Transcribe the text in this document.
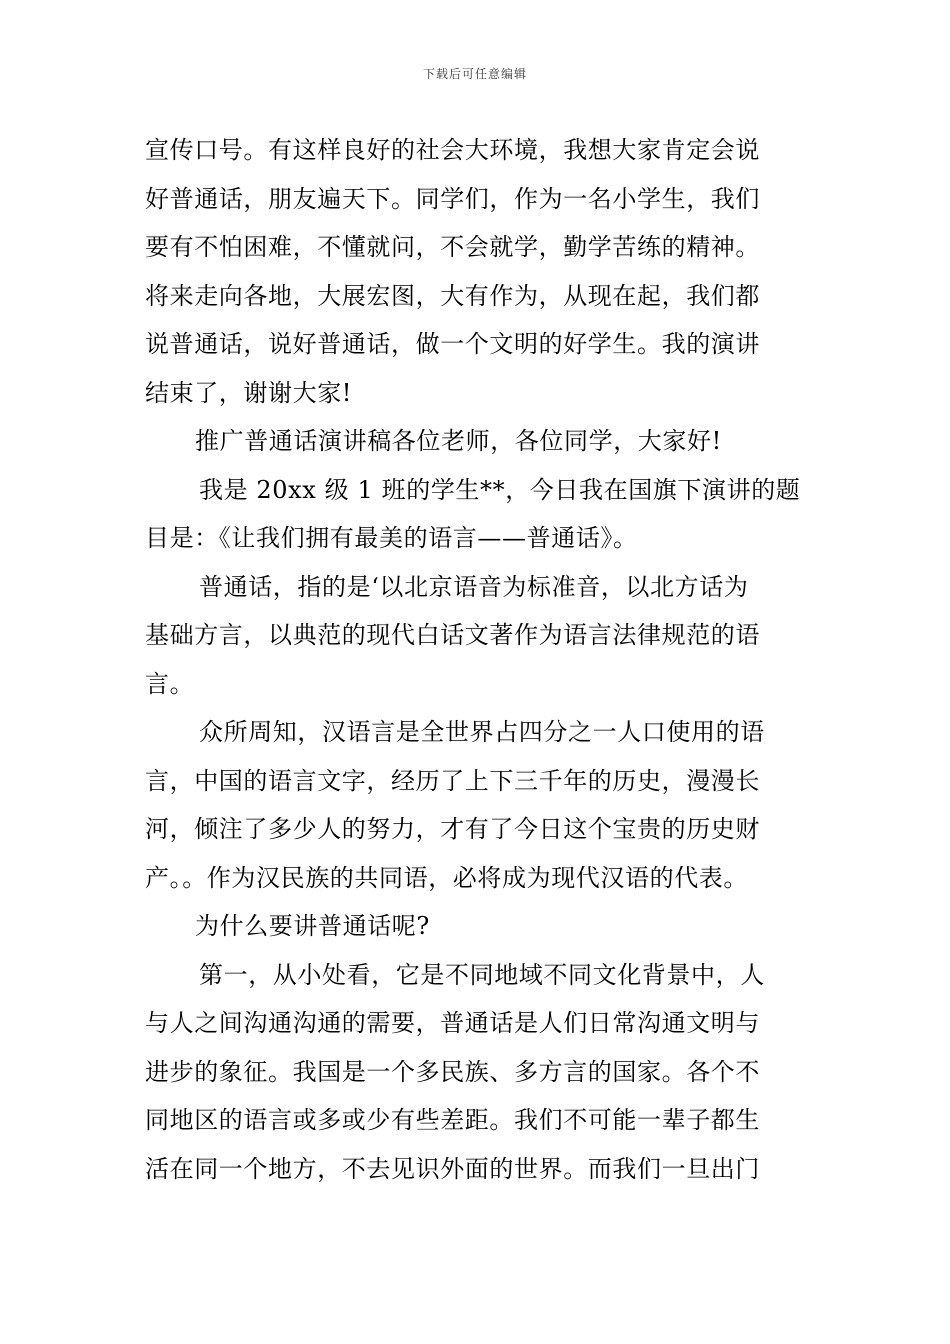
下载后可任意编辑
宣传口号。有这样良好的社会大环境，我想大家肯定会说
好普通话，朋友遍天下。同学们，作为一名小学生，我们
要有不怕困难，不懂就问，不会就学，勤学苦练的精神。
将来走向各地，大展宏图，大有作为，从现在起，我们都
说普通话，说好普通话，做一个文明的好学生。我的演讲
结束了，谢谢大家!
推广普通话演讲稿各位老师，各位同学，大家好!
我是 20xx 级 1 班的学生**，今日我在国旗下演讲的题
目是：《让我们拥有最美的语言——普通话》。
普通话，指的是‘以北京语音为标准音，以北方话为
基础方言，以典范的现代白话文著作为语言法律规范的语
言。
众所周知，汉语言是全世界占四分之一人口使用的语
言，中国的语言文字，经历了上下三千年的历史，漫漫长
河，倾注了多少人的努力，才有了今日这个宝贵的历史财
产。。作为汉民族的共同语，必将成为现代汉语的代表。
为什么要讲普通话呢?
第一，从小处看，它是不同地域不同文化背景中，人
与人之间沟通沟通的需要，普通话是人们日常沟通文明与
进步的象征。我国是一个多民族、多方言的国家。各个不
同地区的语言或多或少有些差距。我们不可能一辈子都生
活在同一个地方，不去见识外面的世界。而我们一旦出门
